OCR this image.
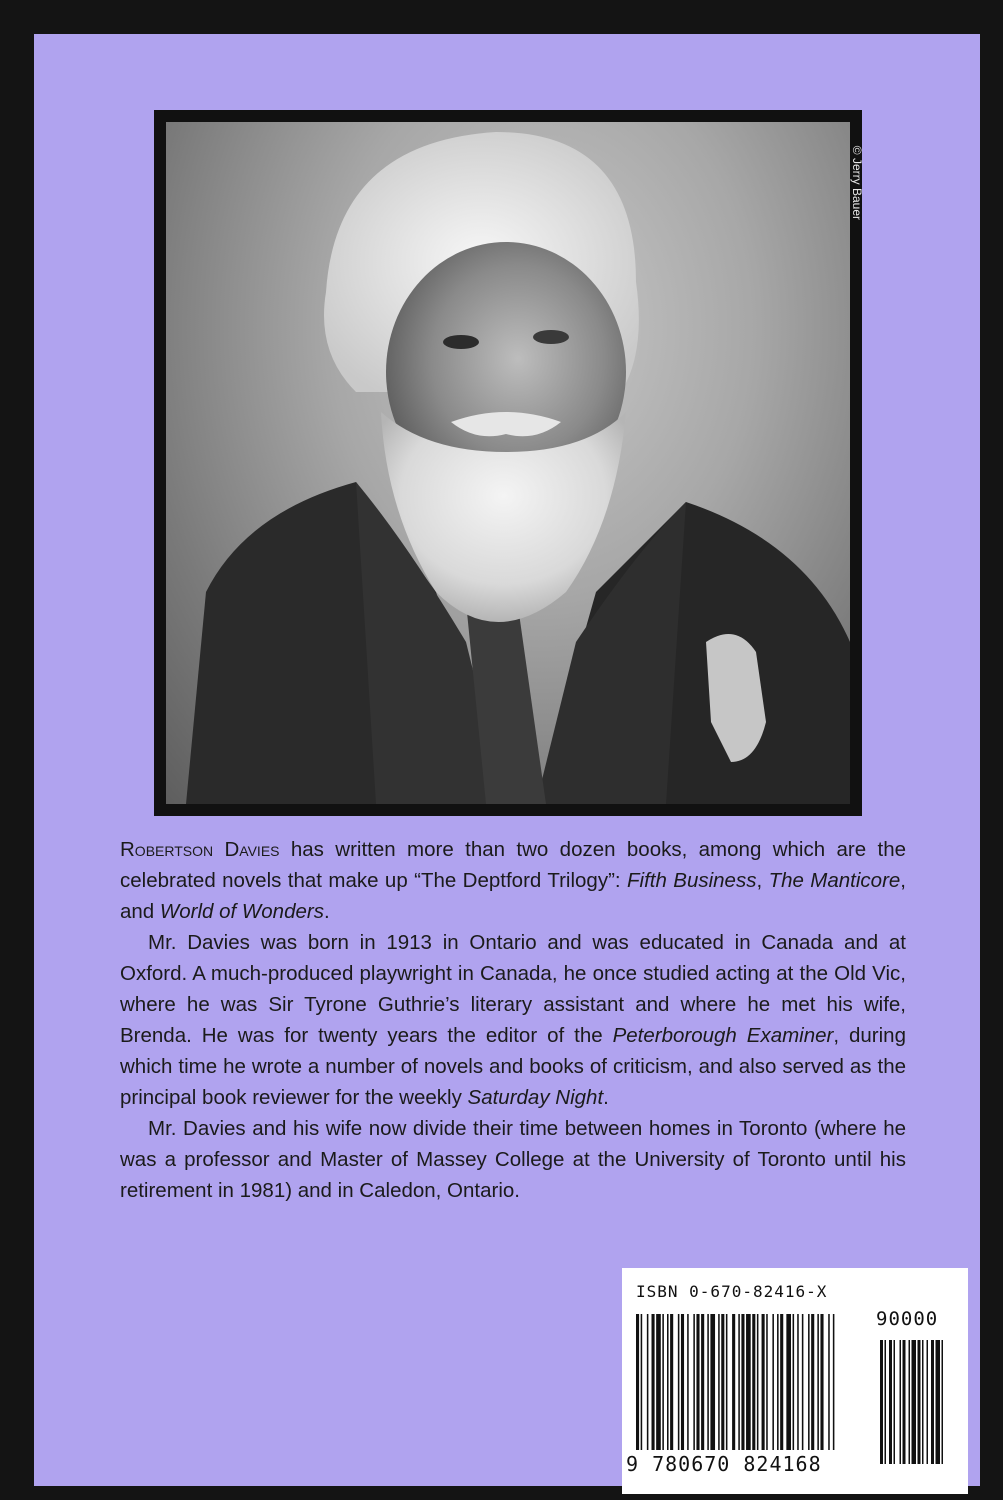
© Jerry Bauer

Robertson Davies has written more than two dozen books, among which are the celebrated novels that make up “The Deptford Trilogy”: Fifth Business, The Manticore, and World of Wonders.

Mr. Davies was born in 1913 in Ontario and was educated in Canada and at Oxford. A much-produced playwright in Canada, he once studied acting at the Old Vic, where he was Sir Tyrone Guthrie’s literary assistant and where he met his wife, Brenda. He was for twenty years the editor of the Peterborough Examiner, during which time he wrote a number of novels and books of criticism, and also served as the principal book reviewer for the weekly Saturday Night.

Mr. Davies and his wife now divide their time between homes in Toronto (where he was a professor and Master of Massey College at the University of Toronto until his retirement in 1981) and in Caledon, Ontario.

ISBN 0-670-82416-X
90000
9 780670 824168
